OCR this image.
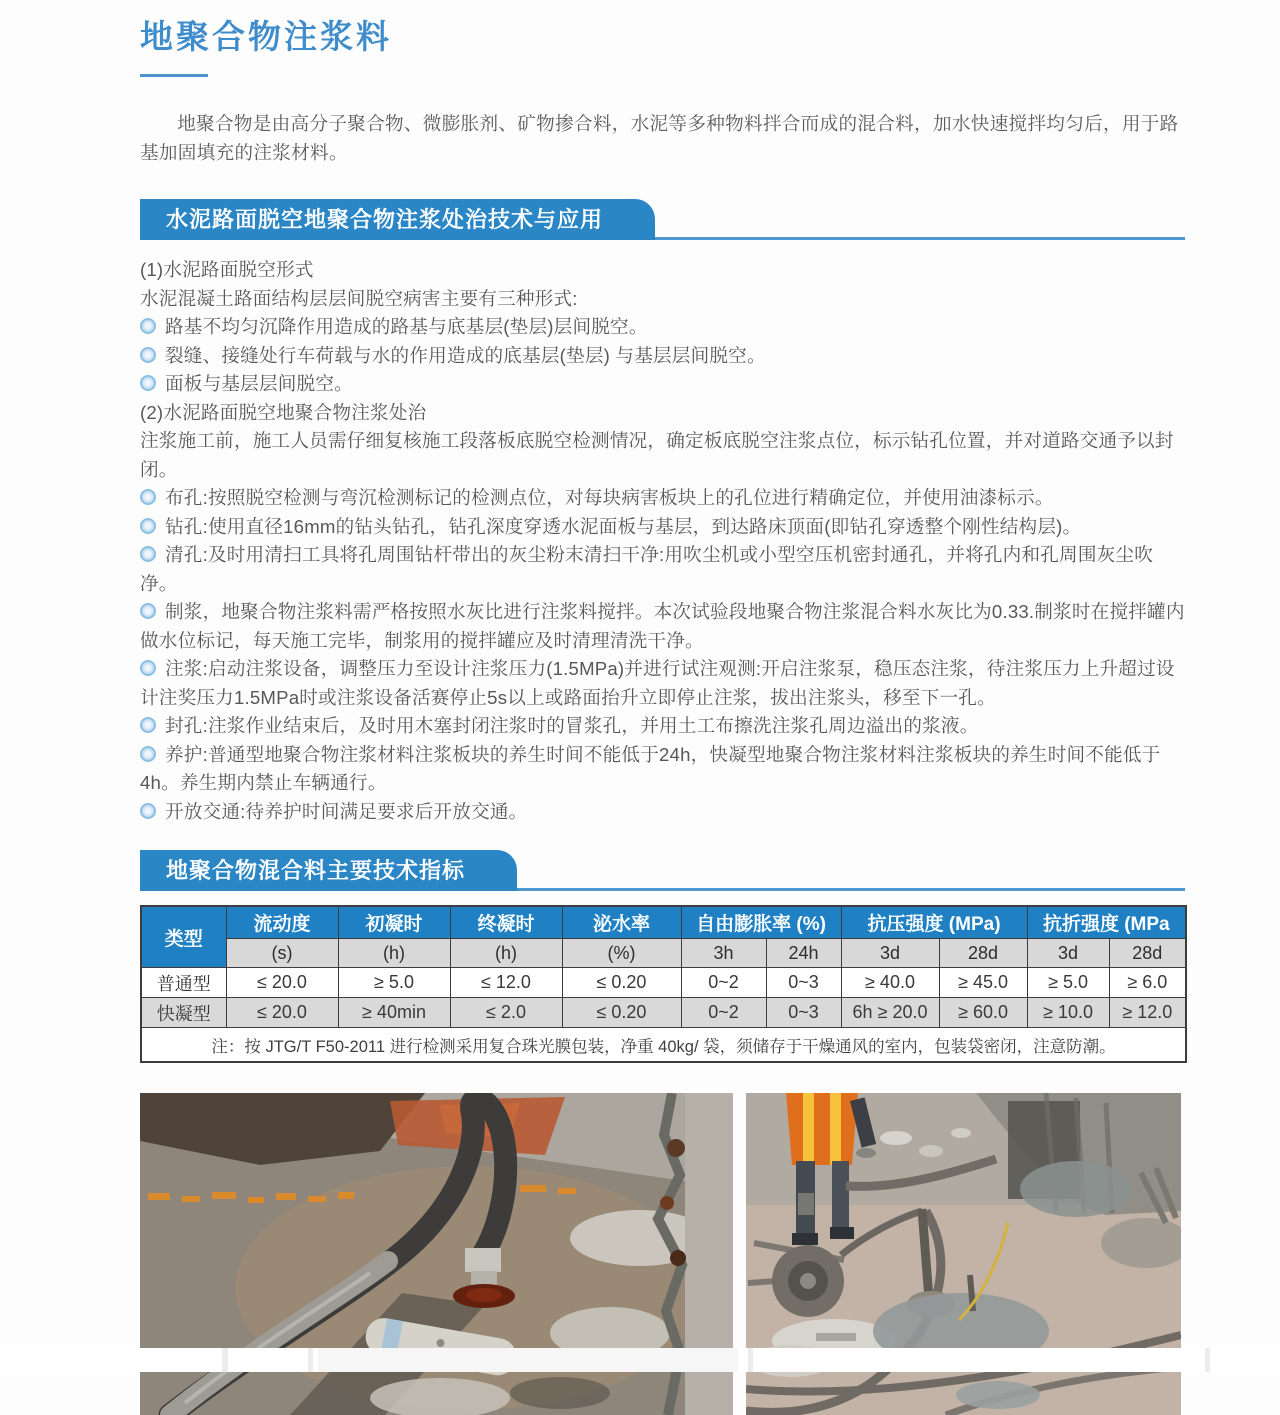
地聚合物注浆料

地聚合物是由高分子聚合物、微膨胀剂、矿物掺合料，水泥等多种物料拌合而成的混合料，加水快速搅拌均匀后，用于路基加固填充的注浆材料。

水泥路面脱空地聚合物注浆处治技术与应用

(1)水泥路面脱空形式

水泥混凝土路面结构层层间脱空病害主要有三种形式:

路基不均匀沉降作用造成的路基与底基层(垫层)层间脱空。

裂缝、接缝处行车荷载与水的作用造成的底基层(垫层) 与基层层间脱空。

面板与基层层间脱空。

(2)水泥路面脱空地聚合物注浆处治

注浆施工前，施工人员需仔细复核施工段落板底脱空检测情况，确定板底脱空注浆点位，标示钻孔位置，并对道路交通予以封闭。

布孔:按照脱空检测与弯沉检测标记的检测点位，对每块病害板块上的孔位进行精确定位，并使用油漆标示。

钻孔:使用直径16mm的钻头钻孔，钻孔深度穿透水泥面板与基层，到达路床顶面(即钻孔穿透整个刚性结构层)。

清孔:及时用清扫工具将孔周围钻杆带出的灰尘粉末清扫干净:用吹尘机或小型空压机密封通孔，并将孔内和孔周围灰尘吹净。

制浆，地聚合物注浆料需严格按照水灰比进行注浆料搅拌。本次试验段地聚合物注浆混合料水灰比为0.33.制浆时在搅拌罐内做水位标记，每天施工完毕，制浆用的搅拌罐应及时清理清洗干净。

注浆:启动注浆设备，调整压力至设计注浆压力(1.5MPa)并进行试注观测:开启注浆泵，稳压态注浆，待注浆压力上升超过设计注奖压力1.5MPa时或注浆设备活赛停止5s以上或路面抬升立即停止注浆，拔出注浆头，移至下一孔。

封孔:注浆作业结束后，及时用木塞封闭注浆时的冒浆孔，并用土工布擦洗注浆孔周边溢出的浆液。

养护:普通型地聚合物注浆材料注浆板块的养生时间不能低于24h，快凝型地聚合物注浆材料注浆板块的养生时间不能低于4h。养生期内禁止车辆通行。

开放交通:待养护时间满足要求后开放交通。

地聚合物混合料主要技术指标
类型	流动度	初凝时	终凝时	泌水率	自由膨胀率 (%)		抗压强度 (MPa)		抗折强度 (MPa	
	(s)	(h)	(h)	(%)	3h	24h	3d	28d	3d	28d
普通型	≤ 20.0	≥ 5.0	≤ 12.0	≤ 0.20	0~2	0~3	≥ 40.0	≥ 45.0	≥ 5.0	≥ 6.0
快凝型	≤ 20.0	≥ 40min	≤ 2.0	≤ 0.20	0~2	0~3	6h ≥ 20.0	≥ 60.0	≥ 10.0	≥ 12.0
注：按 JTG/T F50-2011 进行检测采用复合珠光膜包装，净重 40kg/ 袋，须储存于干燥通风的室内，包装袋密闭，注意防潮。										
